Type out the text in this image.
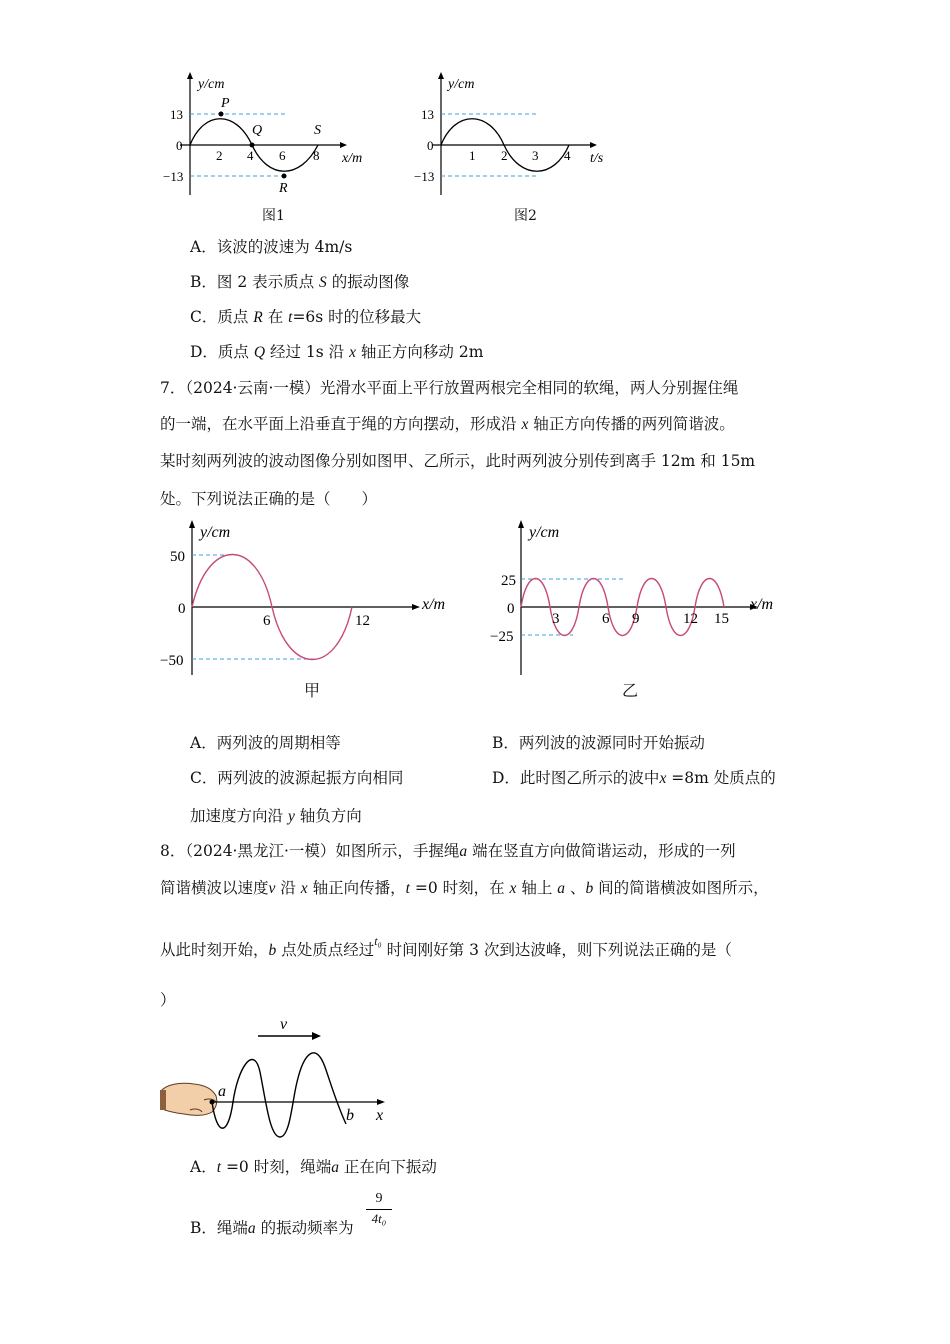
y/cm
x/m
13
0
−13
2 4 6 8
P
Q
R
S
图1
y/cm
t/s
13
0
−13
1 2 3 4
图2
A．该波的波速为 4m/s
B．图 2 表示质点 S 的振动图像
C．质点 R 在 t=6s 时的位移最大
D．质点 Q 经过 1s 沿 x 轴正方向移动 2m
7．（2024·云南·一模）光滑水平面上平行放置两根完全相同的软绳，两人分别握住绳
的一端，在水平面上沿垂直于绳的方向摆动，形成沿 x 轴正方向传播的两列简谐波。
某时刻两列波的波动图像分别如图甲、乙所示，此时两列波分别传到离手 12m 和 15m
处。下列说法正确的是（　　）
y/cm
x/m
50
0
−50
6	12
甲
y/cm
x/m
25
0
−25
3	6 9	12 15
乙
A．两列波的周期相等	B．两列波的波源同时开始振动
C．两列波的波源起振方向相同	D．此时图乙所示的波中x =8m 处质点的
加速度方向沿 y 轴负方向
8．（2024·黑龙江·一模）如图所示，手握绳a 端在竖直方向做简谐运动，形成的一列
简谐横波以速度v 沿 x 轴正向传播，t =0 时刻，在 x 轴上 a 、b 间的简谐横波如图所示，
从此时刻开始，b 点处质点经过$^{t_0}$ 时间刚好第 3 次到达波峰，则下列说法正确的是（
）
v
a
b x
A．t =0 时刻，绳端a 正在向下振动
B．绳端a 的振动频率为
9
4t₀
